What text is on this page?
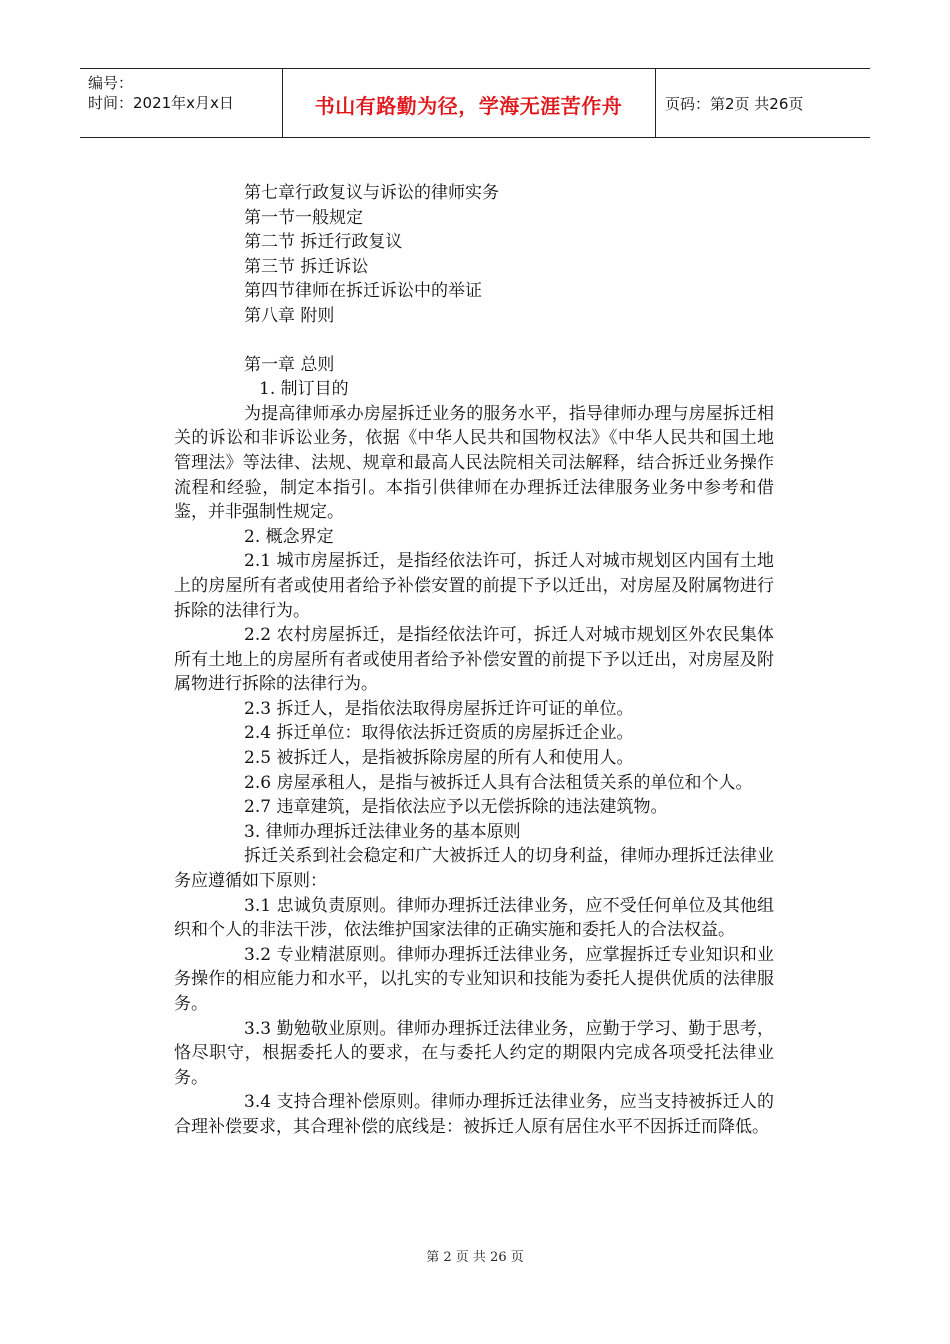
编号：
时间：2021年x月x日	书山有路勤为径，学海无涯苦作舟	页码：第2页 共26页
第七章行政复议与诉讼的律师实务
第一节一般规定
第二节 拆迁行政复议
第三节 拆迁诉讼
第四节律师在拆迁诉讼中的举证
第八章 附则
第一章 总则
1. 制订目的
为提高律师承办房屋拆迁业务的服务水平，指导律师办理与房屋拆迁相关的诉讼和非诉讼业务，依据《中华人民共和国物权法》《中华人民共和国土地管理法》等法律、法规、规章和最高人民法院相关司法解释，结合拆迁业务操作流程和经验，制定本指引。本指引供律师在办理拆迁法律服务业务中参考和借鉴，并非强制性规定。
2. 概念界定
2.1 城市房屋拆迁，是指经依法许可，拆迁人对城市规划区内国有土地上的房屋所有者或使用者给予补偿安置的前提下予以迁出，对房屋及附属物进行拆除的法律行为。
2.2 农村房屋拆迁，是指经依法许可，拆迁人对城市规划区外农民集体所有土地上的房屋所有者或使用者给予补偿安置的前提下予以迁出，对房屋及附属物进行拆除的法律行为。
2.3 拆迁人，是指依法取得房屋拆迁许可证的单位。
2.4 拆迁单位：取得依法拆迁资质的房屋拆迁企业。
2.5 被拆迁人，是指被拆除房屋的所有人和使用人。
2.6 房屋承租人，是指与被拆迁人具有合法租赁关系的单位和个人。
2.7 违章建筑，是指依法应予以无偿拆除的违法建筑物。
3. 律师办理拆迁法律业务的基本原则
拆迁关系到社会稳定和广大被拆迁人的切身利益，律师办理拆迁法律业务应遵循如下原则：
3.1 忠诚负责原则。律师办理拆迁法律业务，应不受任何单位及其他组织和个人的非法干涉，依法维护国家法律的正确实施和委托人的合法权益。
3.2 专业精湛原则。律师办理拆迁法律业务，应掌握拆迁专业知识和业务操作的相应能力和水平，以扎实的专业知识和技能为委托人提供优质的法律服务。
3.3 勤勉敬业原则。律师办理拆迁法律业务，应勤于学习、勤于思考，恪尽职守，根据委托人的要求，在与委托人约定的期限内完成各项受托法律业务。
3.4 支持合理补偿原则。律师办理拆迁法律业务，应当支持被拆迁人的合理补偿要求，其合理补偿的底线是：被拆迁人原有居住水平不因拆迁而降低。
第 2 页 共 26 页
